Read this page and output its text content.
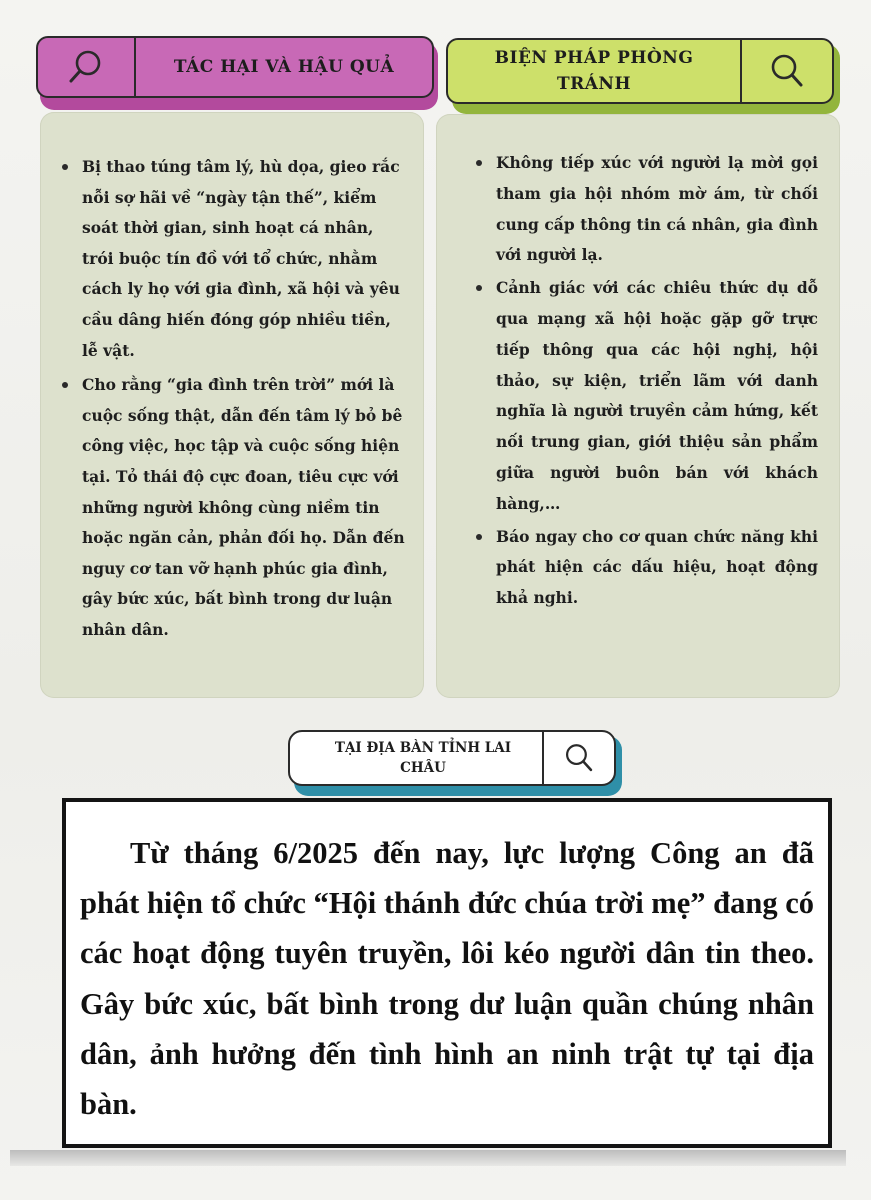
TÁC HẠI VÀ HẬU QUẢ	BIỆN PHÁP PHÒNG
TRÁNH
Bị thao túng tâm lý, hù dọa, gieo rắc nỗi sợ hãi về “ngày tận thế”, kiểm soát thời gian, sinh hoạt cá nhân, trói buộc tín đồ với tổ chức, nhằm cách ly họ với gia đình, xã hội và yêu cầu dâng hiến đóng góp nhiều tiền, lễ vật.
Cho rằng “gia đình trên trời” mới là cuộc sống thật, dẫn đến tâm lý bỏ bê công việc, học tập và cuộc sống hiện tại. Tỏ thái độ cực đoan, tiêu cực với những người không cùng niềm tin hoặc ngăn cản, phản đối họ. Dẫn đến nguy cơ tan vỡ hạnh phúc gia đình, gây bức xúc, bất bình trong dư luận nhân dân.
Không tiếp xúc với người lạ mời gọi tham gia hội nhóm mờ ám, từ chối cung cấp thông tin cá nhân, gia đình với người lạ.
Cảnh giác với các chiêu thức dụ dỗ qua mạng xã hội hoặc gặp gỡ trực tiếp thông qua các hội nghị, hội thảo, sự kiện, triển lãm với danh nghĩa là người truyền cảm hứng, kết nối trung gian, giới thiệu sản phẩm giữa người buôn bán với khách hàng,…
Báo ngay cho cơ quan chức năng khi phát hiện các dấu hiệu, hoạt động khả nghi.
TẠI ĐỊA BÀN TỈNH LAI
CHÂU

Từ tháng 6/2025 đến nay, lực lượng Công an đã phát hiện tổ chức “Hội thánh đức chúa trời mẹ” đang có các hoạt động tuyên truyền, lôi kéo người dân tin theo. Gây bức xúc, bất bình trong dư luận quần chúng nhân dân, ảnh hưởng đến tình hình an ninh trật tự tại địa bàn.
